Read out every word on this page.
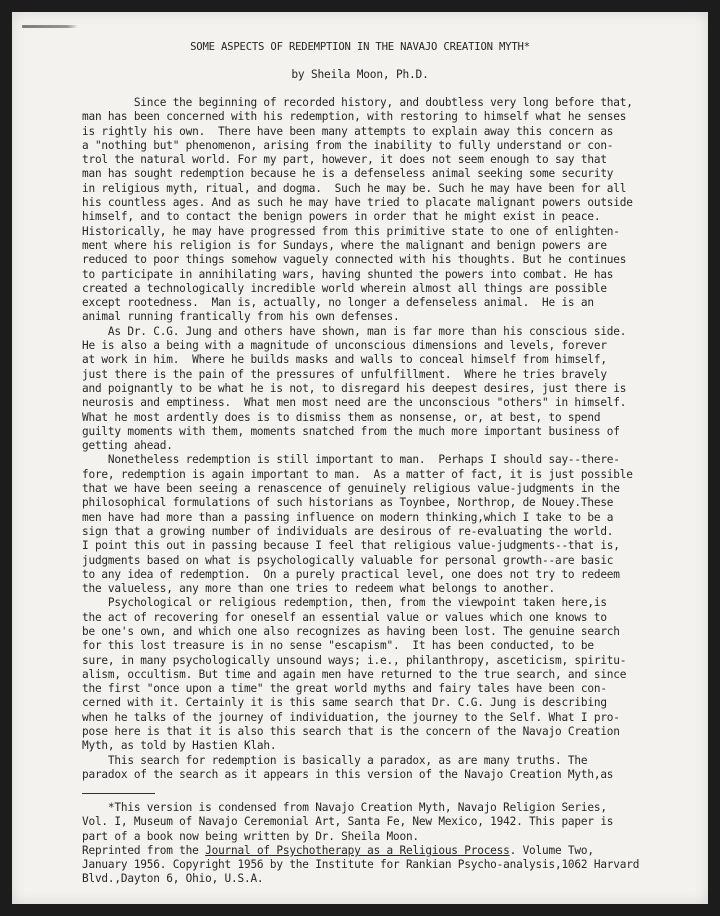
SOME ASPECTS OF REDEMPTION IN THE NAVAJO CREATION MYTH*

by Sheila Moon, Ph.D.

Since the beginning of recorded history, and doubtless very long before that,
man has been concerned with his redemption, with restoring to himself what he senses
is rightly his own.  There have been many attempts to explain away this concern as
a "nothing but" phenomenon, arising from the inability to fully understand or con-
trol the natural world. For my part, however, it does not seem enough to say that
man has sought redemption because he is a defenseless animal seeking some security
in religious myth, ritual, and dogma.  Such he may be. Such he may have been for all
his countless ages. And as such he may have tried to placate malignant powers outside
himself, and to contact the benign powers in order that he might exist in peace.
Historically, he may have progressed from this primitive state to one of enlighten-
ment where his religion is for Sundays, where the malignant and benign powers are
reduced to poor things somehow vaguely connected with his thoughts. But he continues
to participate in annihilating wars, having shunted the powers into combat. He has
created a technologically incredible world wherein almost all things are possible
except rootedness.  Man is, actually, no longer a defenseless animal.  He is an
animal running frantically from his own defenses.
As Dr. C.G. Jung and others have shown, man is far more than his conscious side.
He is also a being with a magnitude of unconscious dimensions and levels, forever
at work in him.  Where he builds masks and walls to conceal himself from himself,
just there is the pain of the pressures of unfulfillment.  Where he tries bravely
and poignantly to be what he is not, to disregard his deepest desires, just there is
neurosis and emptiness.  What men most need are the unconscious "others" in himself.
What he most ardently does is to dismiss them as nonsense, or, at best, to spend
guilty moments with them, moments snatched from the much more important business of
getting ahead.
Nonetheless redemption is still important to man.  Perhaps I should say--there-
fore, redemption is again important to man.  As a matter of fact, it is just possible
that we have been seeing a renascence of genuinely religious value-judgments in the
philosophical formulations of such historians as Toynbee, Northrop, de Nouey.These
men have had more than a passing influence on modern thinking,which I take to be a
sign that a growing number of individuals are desirous of re-evaluating the world.
I point this out in passing because I feel that religious value-judgments--that is,
judgments based on what is psychologically valuable for personal growth--are basic
to any idea of redemption.  On a purely practical level, one does not try to redeem
the valueless, any more than one tries to redeem what belongs to another.
Psychological or religious redemption, then, from the viewpoint taken here,is
the act of recovering for oneself an essential value or values which one knows to
be one's own, and which one also recognizes as having been lost. The genuine search
for this lost treasure is in no sense "escapism".  It has been conducted, to be
sure, in many psychologically unsound ways; i.e., philanthropy, asceticism, spiritu-
alism, occultism. But time and again men have returned to the true search, and since
the first "once upon a time" the great world myths and fairy tales have been con-
cerned with it. Certainly it is this same search that Dr. C.G. Jung is describing
when he talks of the journey of individuation, the journey to the Self. What I pro-
pose here is that it is also this search that is the concern of the Navajo Creation
Myth, as told by Hastien Klah.
This search for redemption is basically a paradox, as are many truths. The
paradox of the search as it appears in this version of the Navajo Creation Myth,as
*This version is condensed from Navajo Creation Myth, Navajo Religion Series,
Vol. I, Museum of Navajo Ceremonial Art, Santa Fe, New Mexico, 1942. This paper is
part of a book now being written by Dr. Sheila Moon.
Reprinted from the Journal of Psychotherapy as a Religious Process. Volume Two,
January 1956. Copyright 1956 by the Institute for Rankian Psycho-analysis,1062 Harvard
Blvd.,Dayton 6, Ohio, U.S.A.
